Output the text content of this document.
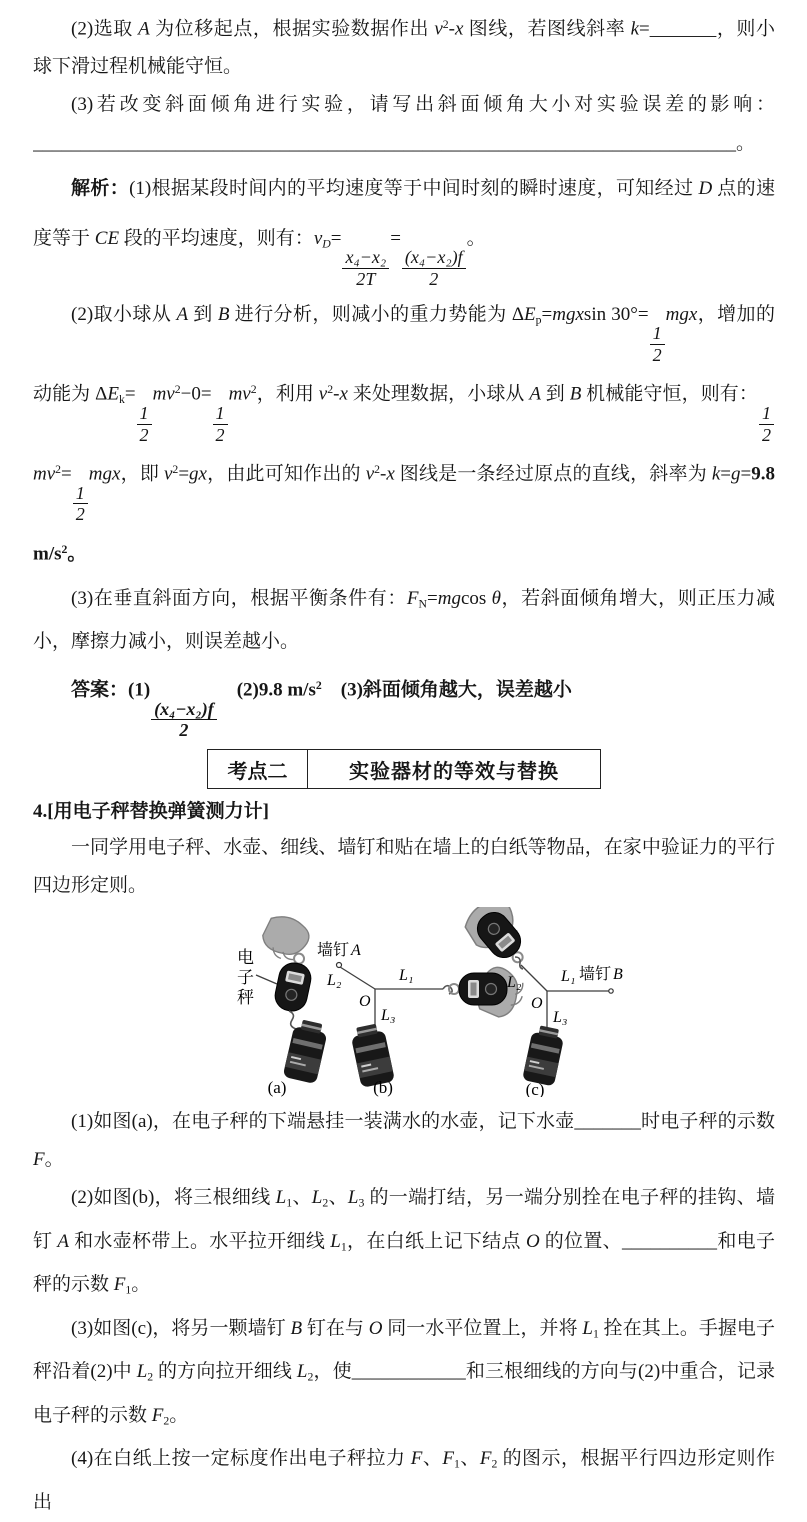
(2)选取 A 为位移起点，根据实验数据作出 $v^2-x$ 图线，若图线斜率 k=_______，则小球下滑过程机械能守恒。

(3)若改变斜面倾角进行实验，请写出斜面倾角大小对实验误差的影响：

__________________________________________________________________________。

解析：(1)根据某段时间内的平均速度等于中间时刻的瞬时速度，可知经过 D 点的速度等于 CE 段的平均速度，则有：$v_D=$
$\frac{\text{x₄−x₂}}{2T}$
=
$\frac{\text{(x₄−x₂)f}}{2}$
。

(2)取小球从 A 到 B 进行分析，则减小的重力势能为 $\Delta E_p=mgxsin$ 30°=
$\frac{1}{2}$
mgx，增加的动能为 $\Delta E_k=$
$\frac{1}{2}$
$mv^2-0=$
$\frac{1}{2}$
$mv^2$，利用 $v^2-x$ 来处理数据，小球从 A 到 B 机械能守恒，则有：
$\frac{1}{2}$
$mv^2=$
$\frac{1}{2}$
mgx，即 $v^2=gx$，由此可知作出的 $v^2-x$ 图线是一条经过原点的直线，斜率为 k=g=9.8 $m/s^2$。

(3)在垂直斜面方向，根据平衡条件有：$F_N=mgcos$ θ，若斜面倾角增大，则正压力减小，摩擦力减小，则误差越小。

答案：(1)
$\frac{\text{(x₄−x₂)f}}{2}$
　(2)9.8 $m/s^2$　(3)斜面倾角越大，误差越小

考点二	实验器材的等效与替换

4.[用电子秤替换弹簧测力计]

一同学用电子秤、水壶、细线、墙钉和贴在墙上的白纸等物品，在家中验证力的平行四边形定则。

电
子
秤
(a)
墙钉 A
L₂	L₁
O
L₃
(b)
L₂ L₁
O
L₃
墙钉 B
(c)

(1)如图(a)，在电子秤的下端悬挂一装满水的水壶，记下水壶_______时电子秤的示数 F。

(2)如图(b)，将三根细线 $L_1$、$L_2$、$L_3$ 的一端打结，另一端分别拴在电子秤的挂钩、墙钉 A 和水壶杯带上。水平拉开细线 $L_1$，在白纸上记下结点 O 的位置、__________和电子秤的示数 $F_1$。

(3)如图(c)，将另一颗墙钉 B 钉在与 O 同一水平位置上，并将 $L_1$ 拴在其上。手握电子秤沿着(2)中 $L_2$ 的方向拉开细线 $L_2$，使____________和三根细线的方向与(2)中重合，记录电子秤的示数 $F_2$。

(4)在白纸上按一定标度作出电子秤拉力 F、$F_1$、$F_2$ 的图示，根据平行四边形定则作出
